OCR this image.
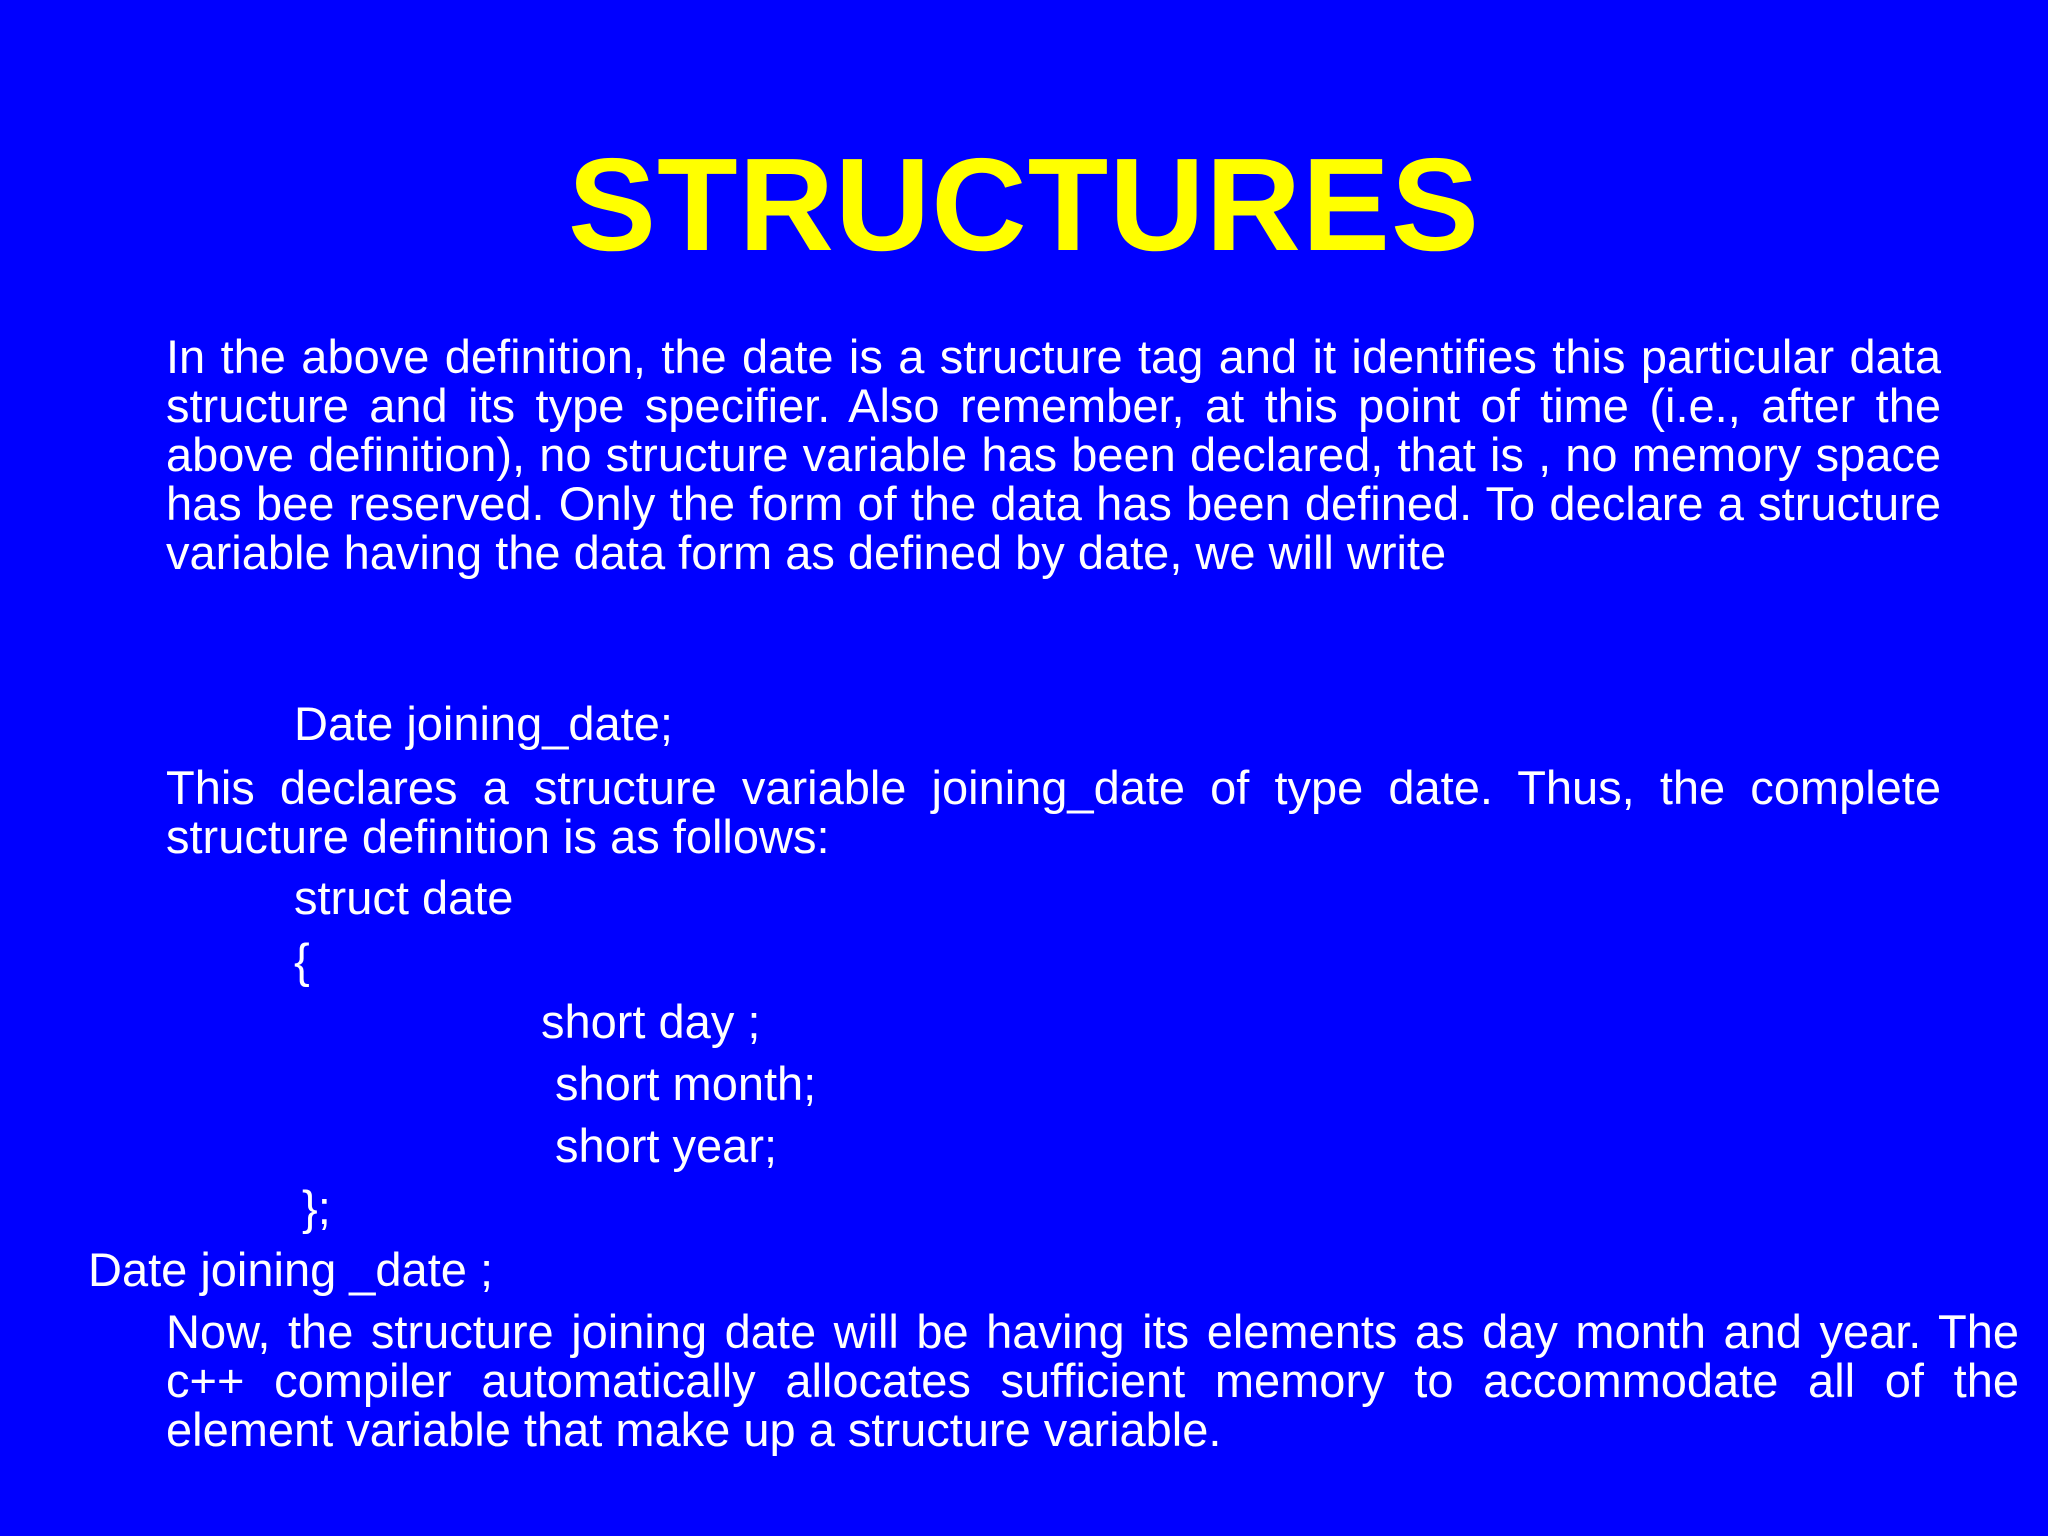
STRUCTURES
In the above definition, the date is a structure tag and it identifies this particular data structure and its type specifier. Also remember, at this point of time (i.e., after the above definition), no structure variable has been declared, that is , no memory space has bee reserved. Only the form of the data has been defined. To declare a structure variable having the data form as defined by date, we will write
Date joining_date;
This declares a structure variable joining_date of type date. Thus, the complete structure definition is as follows:
struct date
{
short day ;
short month;
short year;
};
Date joining _date ;
Now, the structure joining date will be having its elements as day month and year. The c++ compiler automatically allocates sufficient memory to accommodate all of the element variable that make up a structure variable.
